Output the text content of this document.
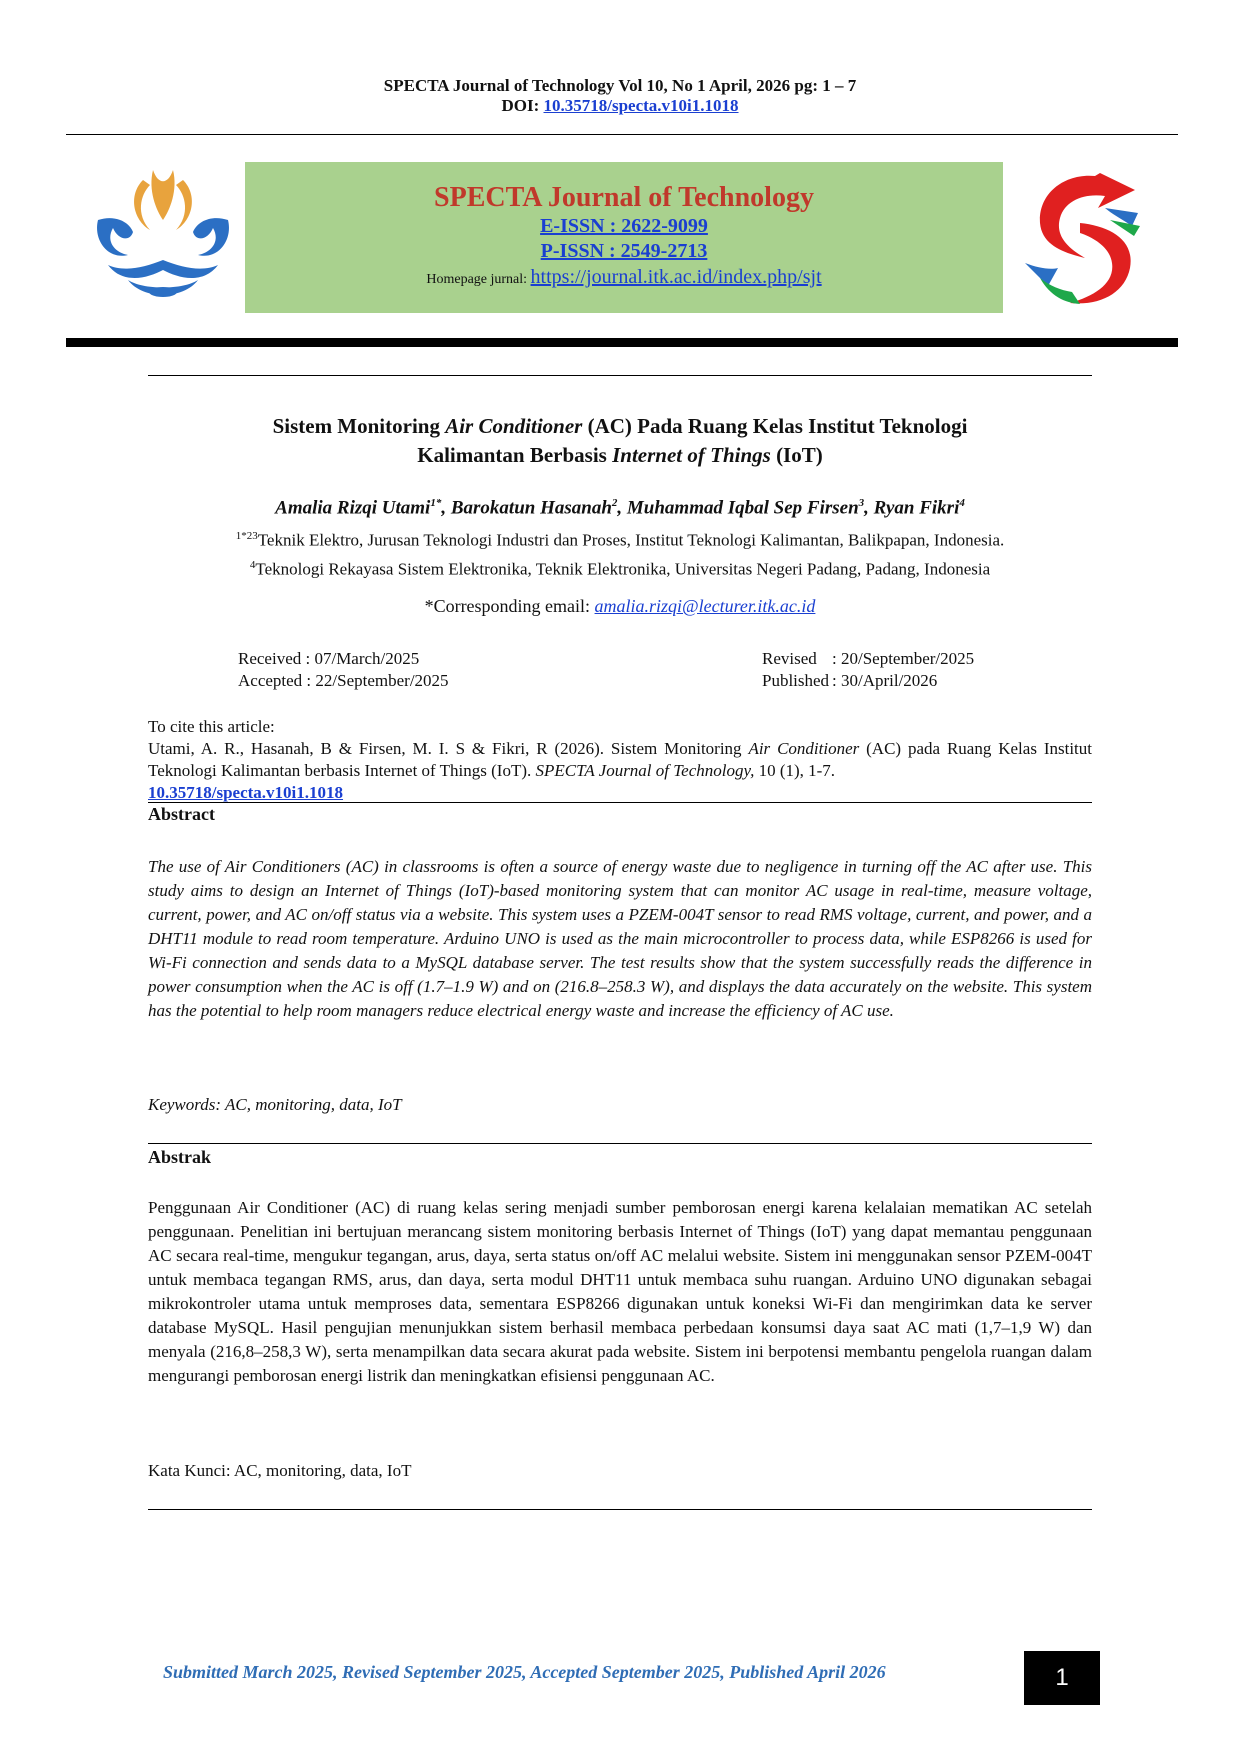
SPECTA Journal of Technology Vol 10, No 1 April, 2026 pg: 1 – 7
DOI: 10.35718/specta.v10i1.1018
SPECTA Journal of Technology
E-ISSN : 2622-9099
P-ISSN : 2549-2713
Homepage jurnal: https://journal.itk.ac.id/index.php/sjt
Sistem Monitoring Air Conditioner (AC) Pada Ruang Kelas Institut Teknologi
Kalimantan Berbasis Internet of Things (IoT)
Amalia Rizqi Utami$^{1*}$, Barokatun Hasanah$^2$, Muhammad Iqbal Sep Firsen$^3$, Ryan Fikri$^4$
$^{1*23}$Teknik Elektro, Jurusan Teknologi Industri dan Proses, Institut Teknologi Kalimantan, Balikpapan, Indonesia.
$^4$Teknologi Rekayasa Sistem Elektronika, Teknik Elektronika, Universitas Negeri Padang, Padang, Indonesia
*Corresponding email: amalia.rizqi@lecturer.itk.ac.id
Received : 07/March/2025
Accepted : 22/September/2025
Revised : 20/September/2025
Published : 30/April/2026
To cite this article:
Utami, A. R., Hasanah, B & Firsen, M. I. S & Fikri, R (2026). Sistem Monitoring Air Conditioner (AC) pada Ruang Kelas Institut Teknologi Kalimantan berbasis Internet of Things (IoT). SPECTA Journal of Technology, 10 (1), 1-7.
10.35718/specta.v10i1.1018
Abstract
The use of Air Conditioners (AC) in classrooms is often a source of energy waste due to negligence in turning off the AC after use. This study aims to design an Internet of Things (IoT)-based monitoring system that can monitor AC usage in real-time, measure voltage, current, power, and AC on/off status via a website. This system uses a PZEM-004T sensor to read RMS voltage, current, and power, and a DHT11 module to read room temperature. Arduino UNO is used as the main microcontroller to process data, while ESP8266 is used for Wi-Fi connection and sends data to a MySQL database server. The test results show that the system successfully reads the difference in power consumption when the AC is off (1.7–1.9 W) and on (216.8–258.3 W), and displays the data accurately on the website. This system has the potential to help room managers reduce electrical energy waste and increase the efficiency of AC use.
Keywords: AC, monitoring, data, IoT
Abstrak
Penggunaan Air Conditioner (AC) di ruang kelas sering menjadi sumber pemborosan energi karena kelalaian mematikan AC setelah penggunaan. Penelitian ini bertujuan merancang sistem monitoring berbasis Internet of Things (IoT) yang dapat memantau penggunaan AC secara real-time, mengukur tegangan, arus, daya, serta status on/off AC melalui website. Sistem ini menggunakan sensor PZEM-004T untuk membaca tegangan RMS, arus, dan daya, serta modul DHT11 untuk membaca suhu ruangan. Arduino UNO digunakan sebagai mikrokontroler utama untuk memproses data, sementara ESP8266 digunakan untuk koneksi Wi-Fi dan mengirimkan data ke server database MySQL. Hasil pengujian menunjukkan sistem berhasil membaca perbedaan konsumsi daya saat AC mati (1,7–1,9 W) dan menyala (216,8–258,3 W), serta menampilkan data secara akurat pada website. Sistem ini berpotensi membantu pengelola ruangan dalam mengurangi pemborosan energi listrik dan meningkatkan efisiensi penggunaan AC.
Kata Kunci: AC, monitoring, data, IoT
Submitted March 2025, Revised September 2025, Accepted September 2025, Published April 2026	1
